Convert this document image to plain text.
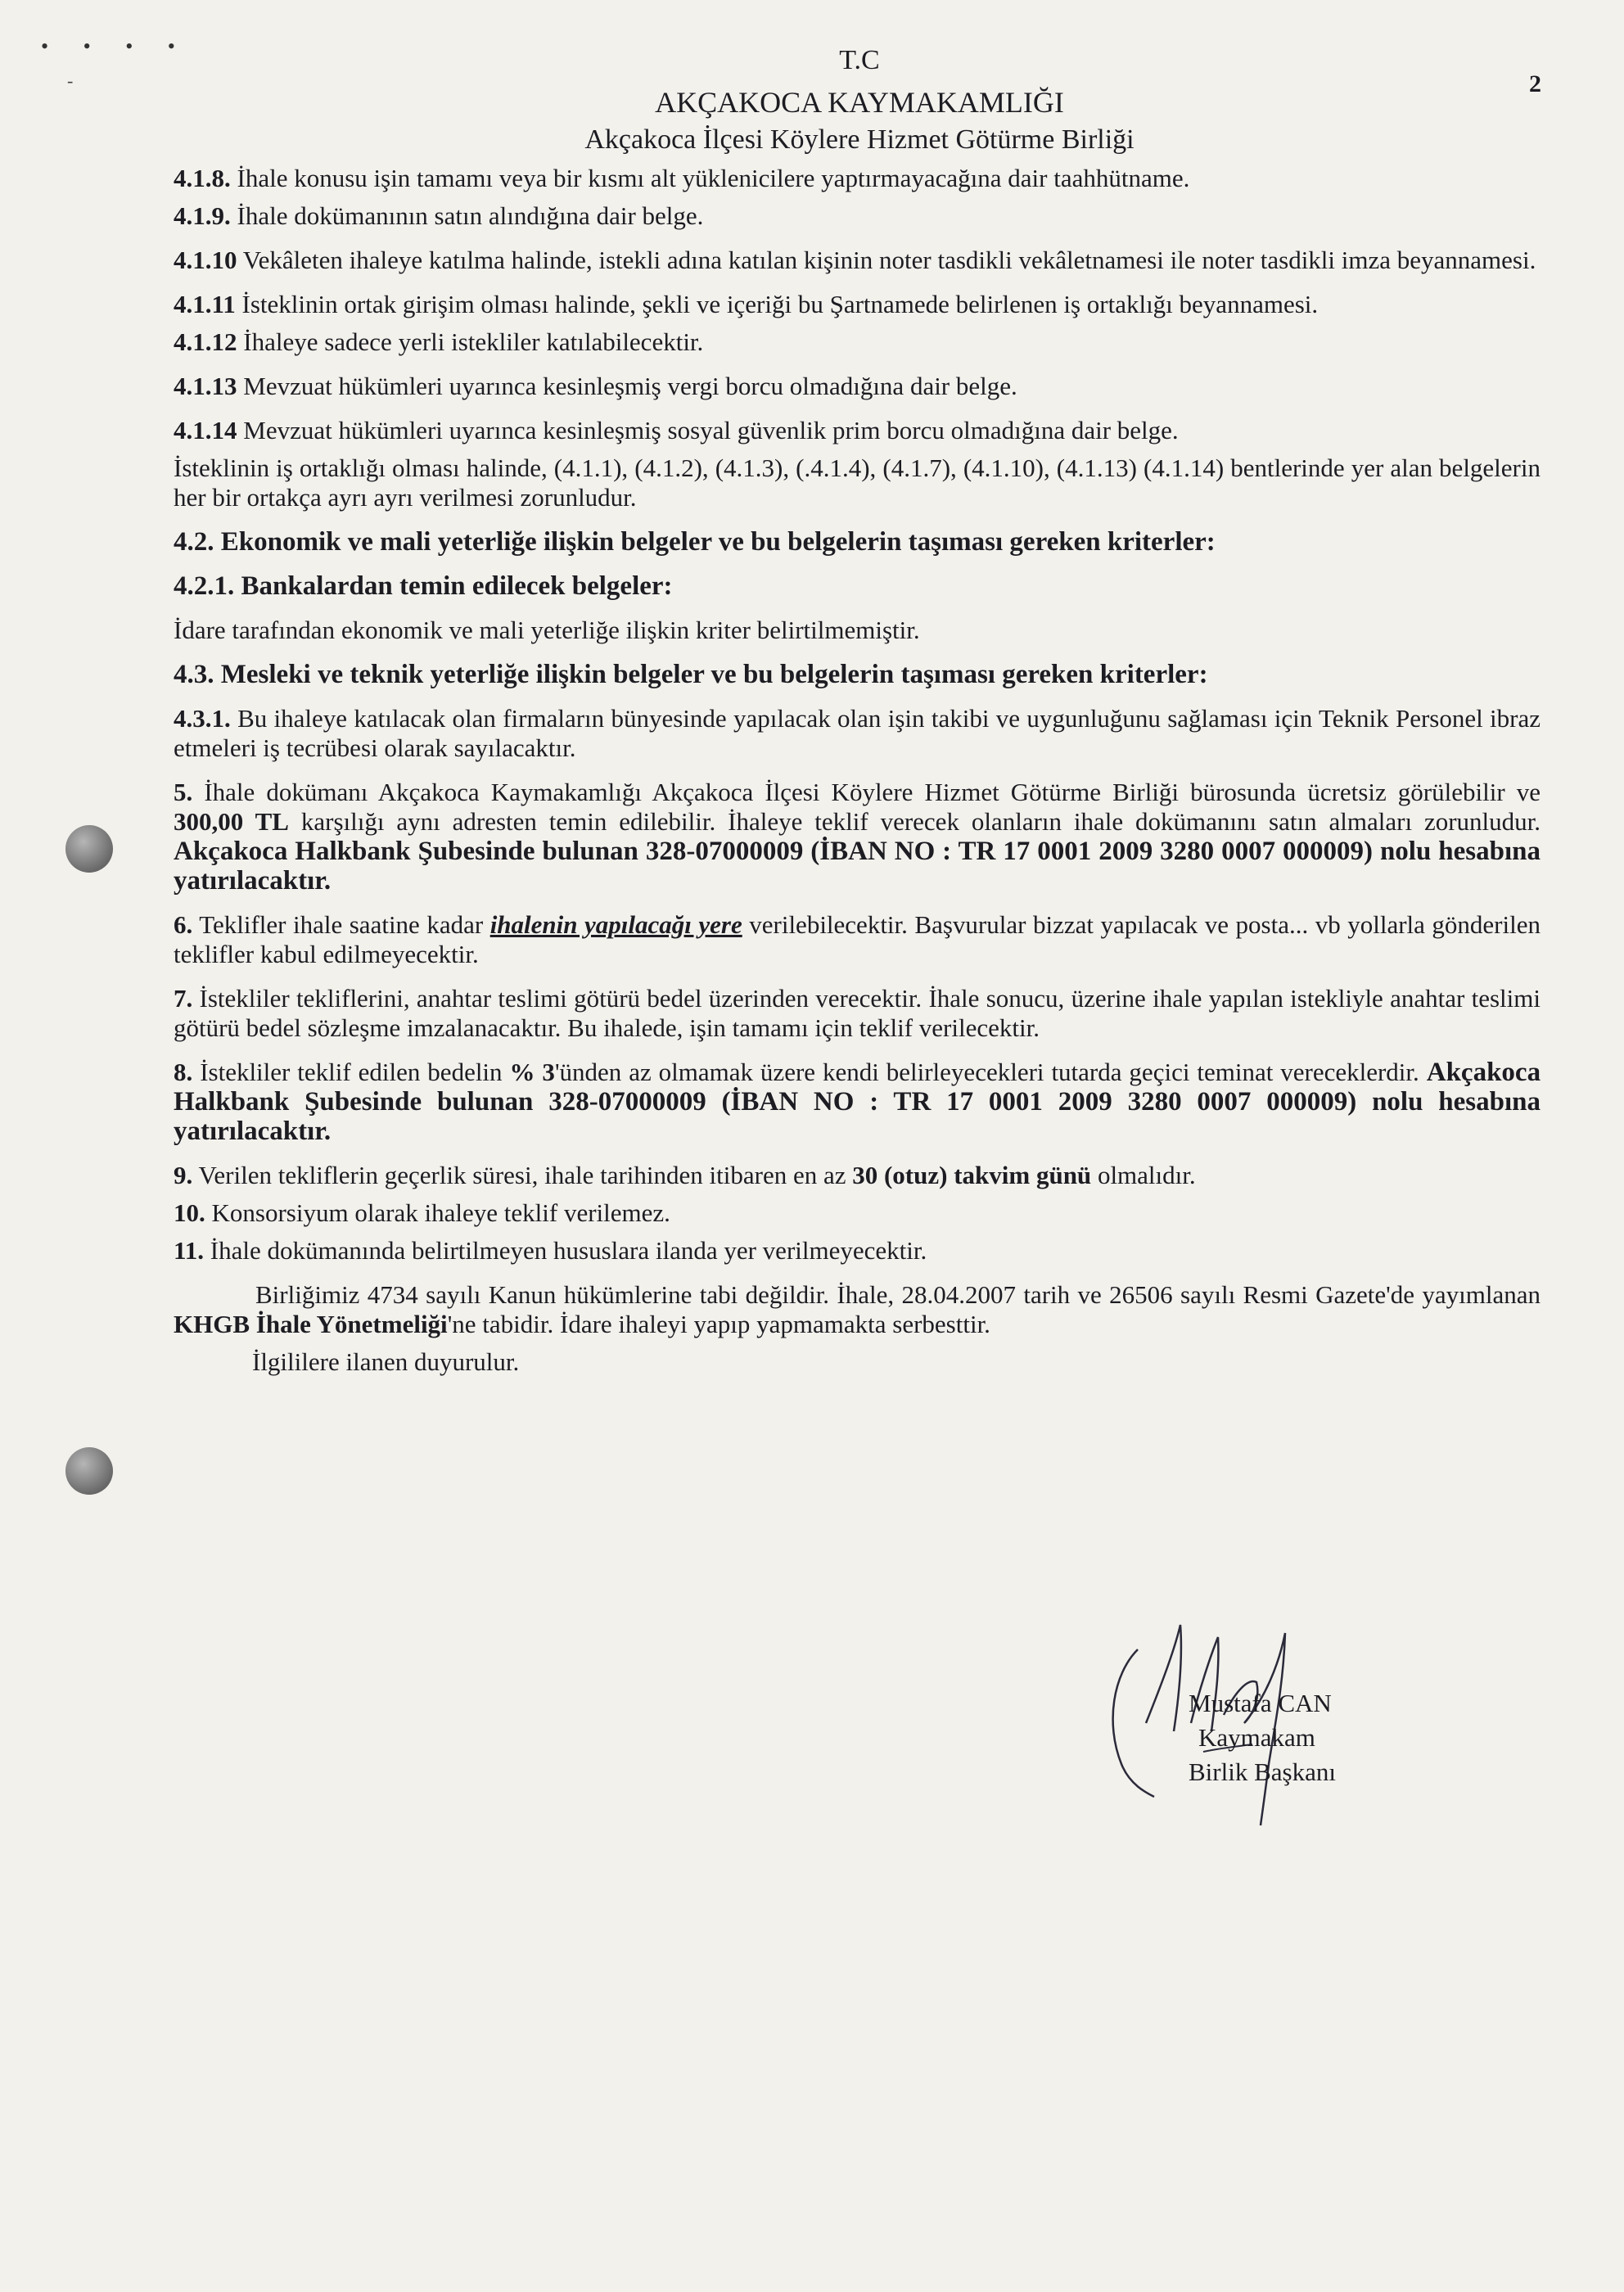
• • • •
-	2
T.C
AKÇAKOCA KAYMAKAMLIĞI
Akçakoca İlçesi Köylere Hizmet Götürme Birliği

4.1.8. İhale konusu işin tamamı veya bir kısmı alt yüklenicilere yaptırmayacağına dair taahhütname.

4.1.9. İhale dokümanının satın alındığına dair belge.

4.1.10 Vekâleten ihaleye katılma halinde, istekli adına katılan kişinin noter tasdikli vekâletnamesi ile noter tasdikli imza beyannamesi.

4.1.11 İsteklinin ortak girişim olması halinde, şekli ve içeriği bu Şartnamede belirlenen iş ortaklığı beyannamesi.

4.1.12 İhaleye sadece yerli istekliler katılabilecektir.

4.1.13 Mevzuat hükümleri uyarınca kesinleşmiş vergi borcu olmadığına dair belge.

4.1.14 Mevzuat hükümleri uyarınca kesinleşmiş sosyal güvenlik prim borcu olmadığına dair belge.

İsteklinin iş ortaklığı olması halinde, (4.1.1), (4.1.2), (4.1.3), (.4.1.4), (4.1.7), (4.1.10), (4.1.13) (4.1.14) bentlerinde yer alan belgelerin her bir ortakça ayrı ayrı verilmesi zorunludur.

4.2. Ekonomik ve mali yeterliğe ilişkin belgeler ve bu belgelerin taşıması gereken kriterler:

4.2.1. Bankalardan temin edilecek belgeler:

İdare tarafından ekonomik ve mali yeterliğe ilişkin kriter belirtilmemiştir.

4.3. Mesleki ve teknik yeterliğe ilişkin belgeler ve bu belgelerin taşıması gereken kriterler:

4.3.1. Bu ihaleye katılacak olan firmaların bünyesinde yapılacak olan işin takibi ve uygunluğunu sağlaması için Teknik Personel ibraz etmeleri iş tecrübesi olarak sayılacaktır.

5. İhale dokümanı Akçakoca Kaymakamlığı Akçakoca İlçesi Köylere Hizmet Götürme Birliği bürosunda ücretsiz görülebilir ve 300,00 TL karşılığı aynı adresten temin edilebilir. İhaleye teklif verecek olanların ihale dokümanını satın almaları zorunludur. Akçakoca Halkbank Şubesinde bulunan 328-07000009 (İBAN NO : TR 17 0001 2009 3280 0007 000009) nolu hesabına yatırılacaktır.

6. Teklifler ihale saatine kadar ihalenin yapılacağı yere verilebilecektir. Başvurular bizzat yapılacak ve posta... vb yollarla gönderilen teklifler kabul edilmeyecektir.

7. İstekliler tekliflerini, anahtar teslimi götürü bedel üzerinden verecektir. İhale sonucu, üzerine ihale yapılan istekliyle anahtar teslimi götürü bedel sözleşme imzalanacaktır. Bu ihalede, işin tamamı için teklif verilecektir.

8. İstekliler teklif edilen bedelin % 3'ünden az olmamak üzere kendi belirleyecekleri tutarda geçici teminat vereceklerdir. Akçakoca Halkbank Şubesinde bulunan 328-07000009 (İBAN NO : TR 17 0001 2009 3280 0007 000009) nolu hesabına yatırılacaktır.

9. Verilen tekliflerin geçerlik süresi, ihale tarihinden itibaren en az 30 (otuz) takvim günü olmalıdır.

10. Konsorsiyum olarak ihaleye teklif verilemez.

11. İhale dokümanında belirtilmeyen hususlara ilanda yer verilmeyecektir.

Birliğimiz 4734 sayılı Kanun hükümlerine tabi değildir. İhale, 28.04.2007 tarih ve 26506 sayılı Resmi Gazete'de yayımlanan KHGB İhale Yönetmeliği'ne tabidir. İdare ihaleyi yapıp yapmamakta serbesttir.

İlgililere ilanen duyurulur.

Mustafa CAN
Kaymakam
Birlik Başkanı
